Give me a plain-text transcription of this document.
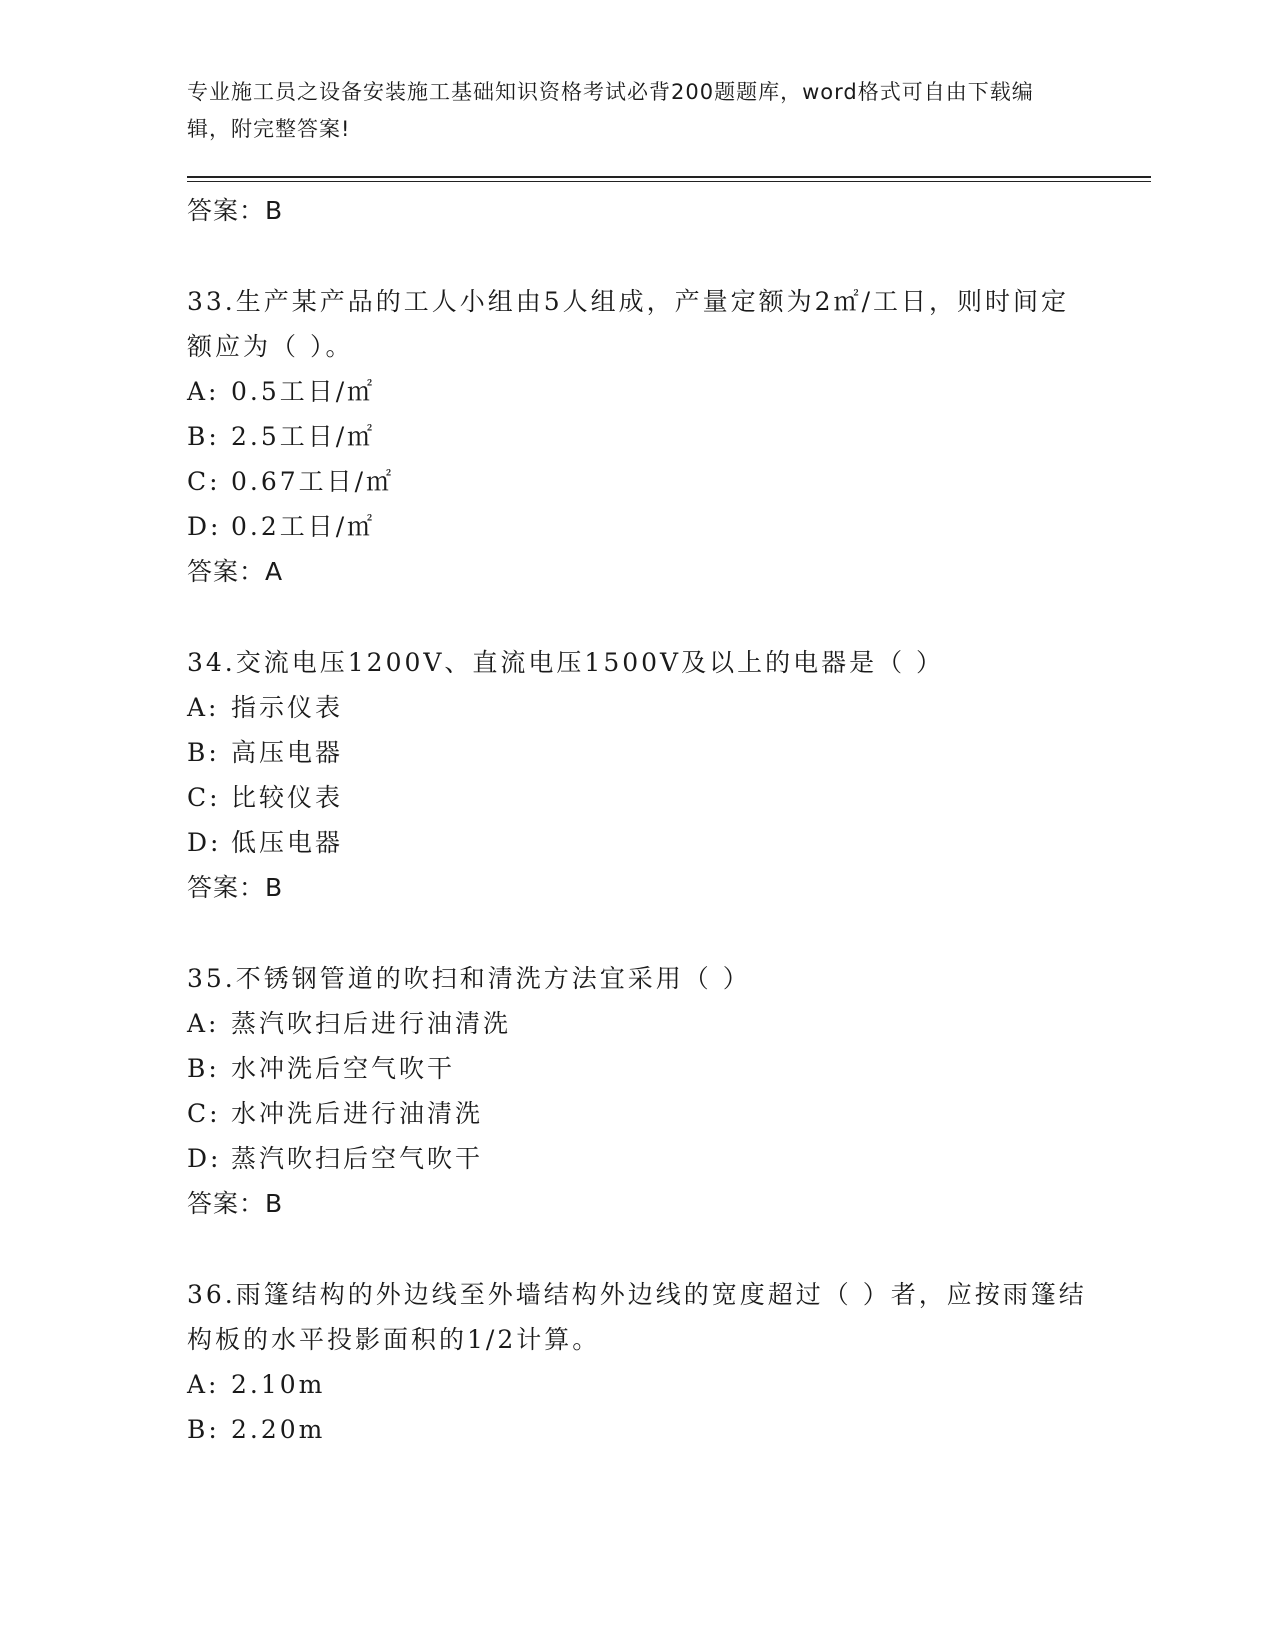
专业施工员之设备安装施工基础知识资格考试必背200题题库，word格式可自由下载编辑，附完整答案!
答案：B
33.生产某产品的工人小组由5人组成，产量定额为2㎡/工日，则时间定额应为（ ）。
A: 0.5工日/㎡
B: 2.5工日/㎡
C: 0.67工日/㎡
D: 0.2工日/㎡
答案：A
34.交流电压1200V、直流电压1500V及以上的电器是（ ）
A: 指示仪表
B: 高压电器
C: 比较仪表
D: 低压电器
答案：B
35.不锈钢管道的吹扫和清洗方法宜采用（ ）
A: 蒸汽吹扫后进行油清洗
B: 水冲洗后空气吹干
C: 水冲洗后进行油清洗
D: 蒸汽吹扫后空气吹干
答案：B
36.雨篷结构的外边线至外墙结构外边线的宽度超过（ ）者，应按雨篷结构板的水平投影面积的1/2计算。
A: 2.10m
B: 2.20m
